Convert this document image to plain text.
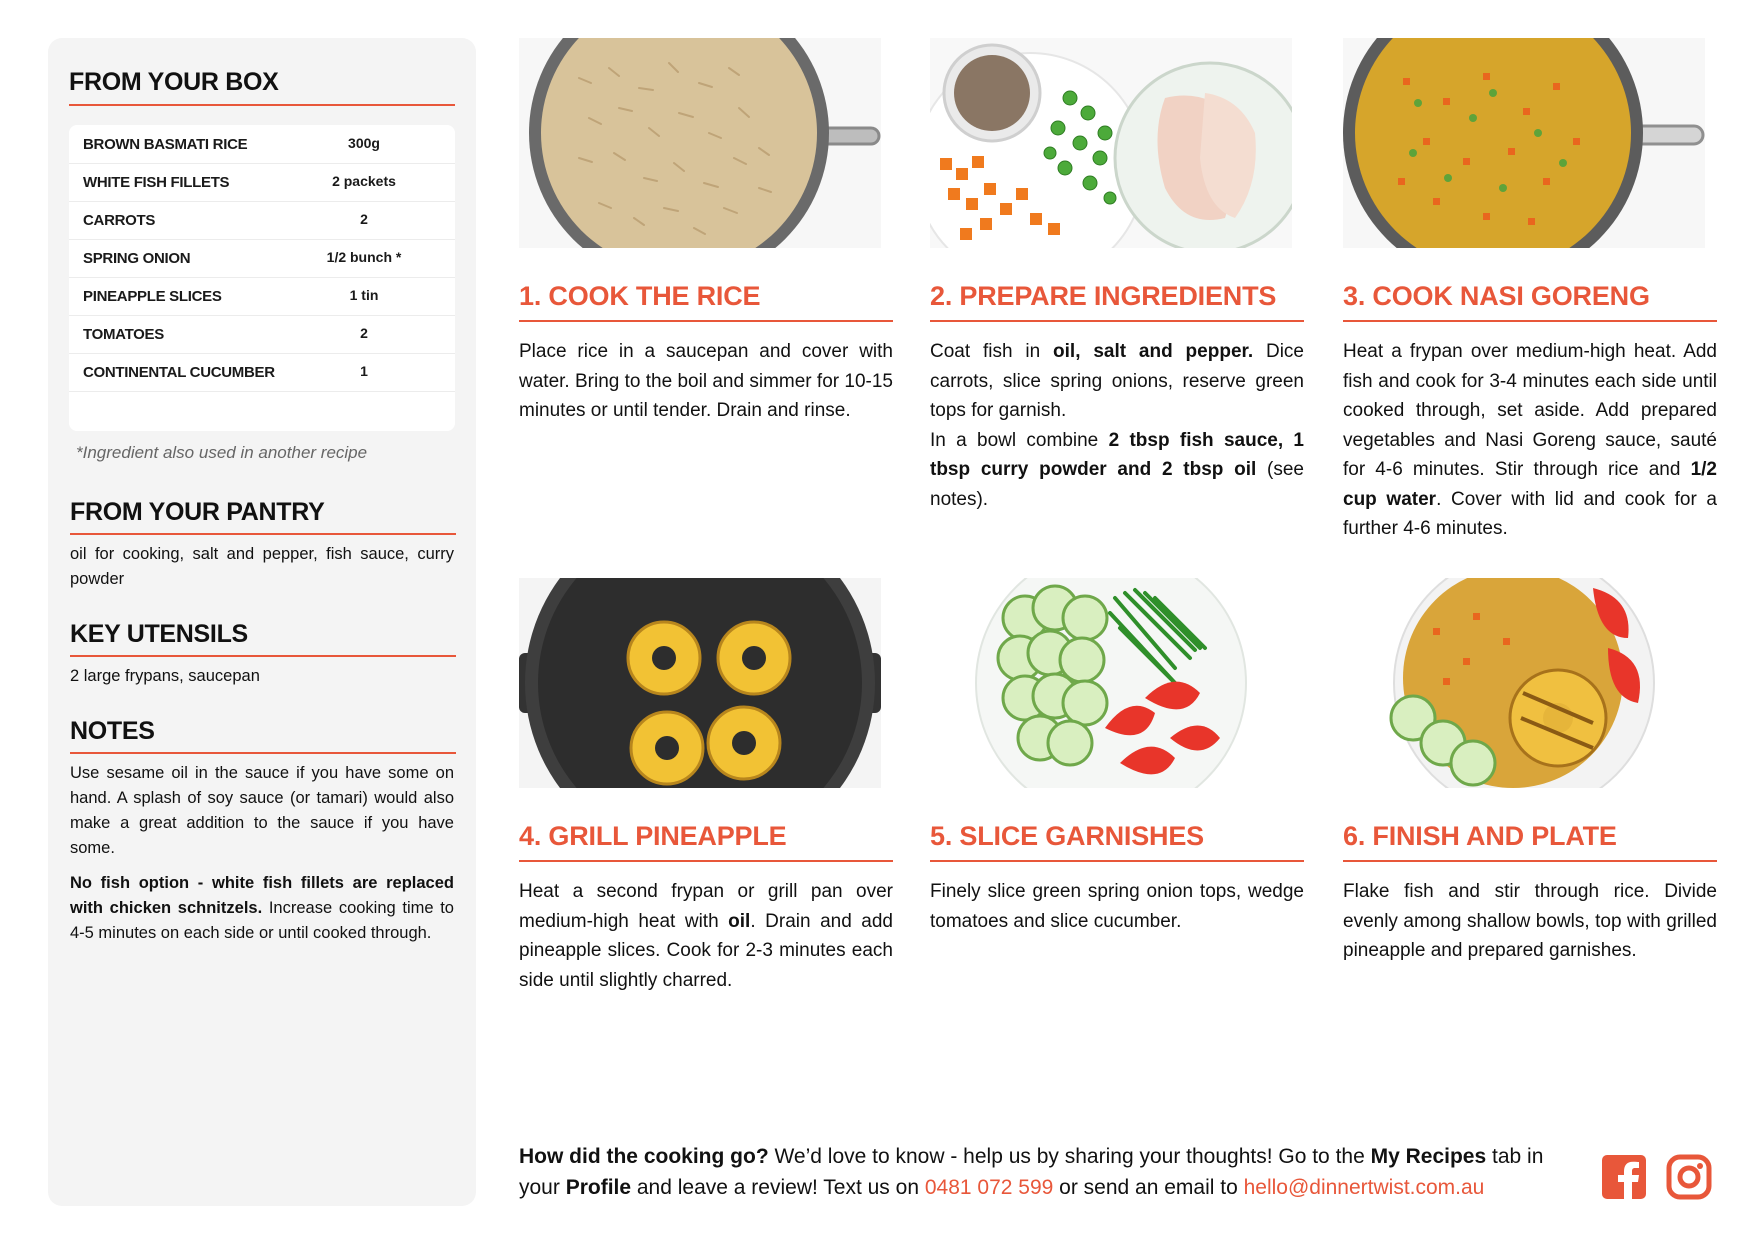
FROM YOUR BOX
BROWN BASMATI RICE	300g
WHITE FISH FILLETS	2 packets
CARROTS	2
SPRING ONION	1/2 bunch *
PINEAPPLE SLICES	1 tin
TOMATOES	2
CONTINENTAL CUCUMBER	1
*Ingredient also used in another recipe
FROM YOUR PANTRY
oil for cooking, salt and pepper, fish sauce, curry powder
KEY UTENSILS
2 large frypans, saucepan
NOTES

Use sesame oil in the sauce if you have some on hand. A splash of soy sauce (or tamari) would also make a great addition to the sauce if you have some.

No fish option - white fish fillets are replaced with chicken schnitzels. Increase cooking time to 4-5 minutes on each side or until cooked through.

1. COOK THE RICE
Place rice in a saucepan and cover with water. Bring to the boil and simmer for 10-15 minutes or until tender. Drain and rinse.
2. PREPARE INGREDIENTS
Coat fish in oil, salt and pepper. Dice carrots, slice spring onions, reserve green tops for garnish.
In a bowl combine 2 tbsp fish sauce, 1 tbsp curry powder and 2 tbsp oil (see notes).
3. COOK NASI GORENG
Heat a frypan over medium-high heat. Add fish and cook for 3-4 minutes each side until cooked through, set aside. Add prepared vegetables and Nasi Goreng sauce, sauté for 4-6 minutes. Stir through rice and 1/2 cup water. Cover with lid and cook for a further 4-6 minutes.
4. GRILL PINEAPPLE
Heat a second frypan or grill pan over medium-high heat with oil. Drain and add pineapple slices. Cook for 2-3 minutes each side until slightly charred.
5. SLICE GARNISHES
Finely slice green spring onion tops, wedge tomatoes and slice cucumber.
6. FINISH AND PLATE
Flake fish and stir through rice. Divide evenly among shallow bowls, top with grilled pineapple and prepared garnishes.
How did the cooking go? We’d love to know - help us by sharing your thoughts! Go to the My Recipes tab in your Profile and leave a review! Text us on 0481 072 599 or send an email to hello@dinnertwist.com.au
